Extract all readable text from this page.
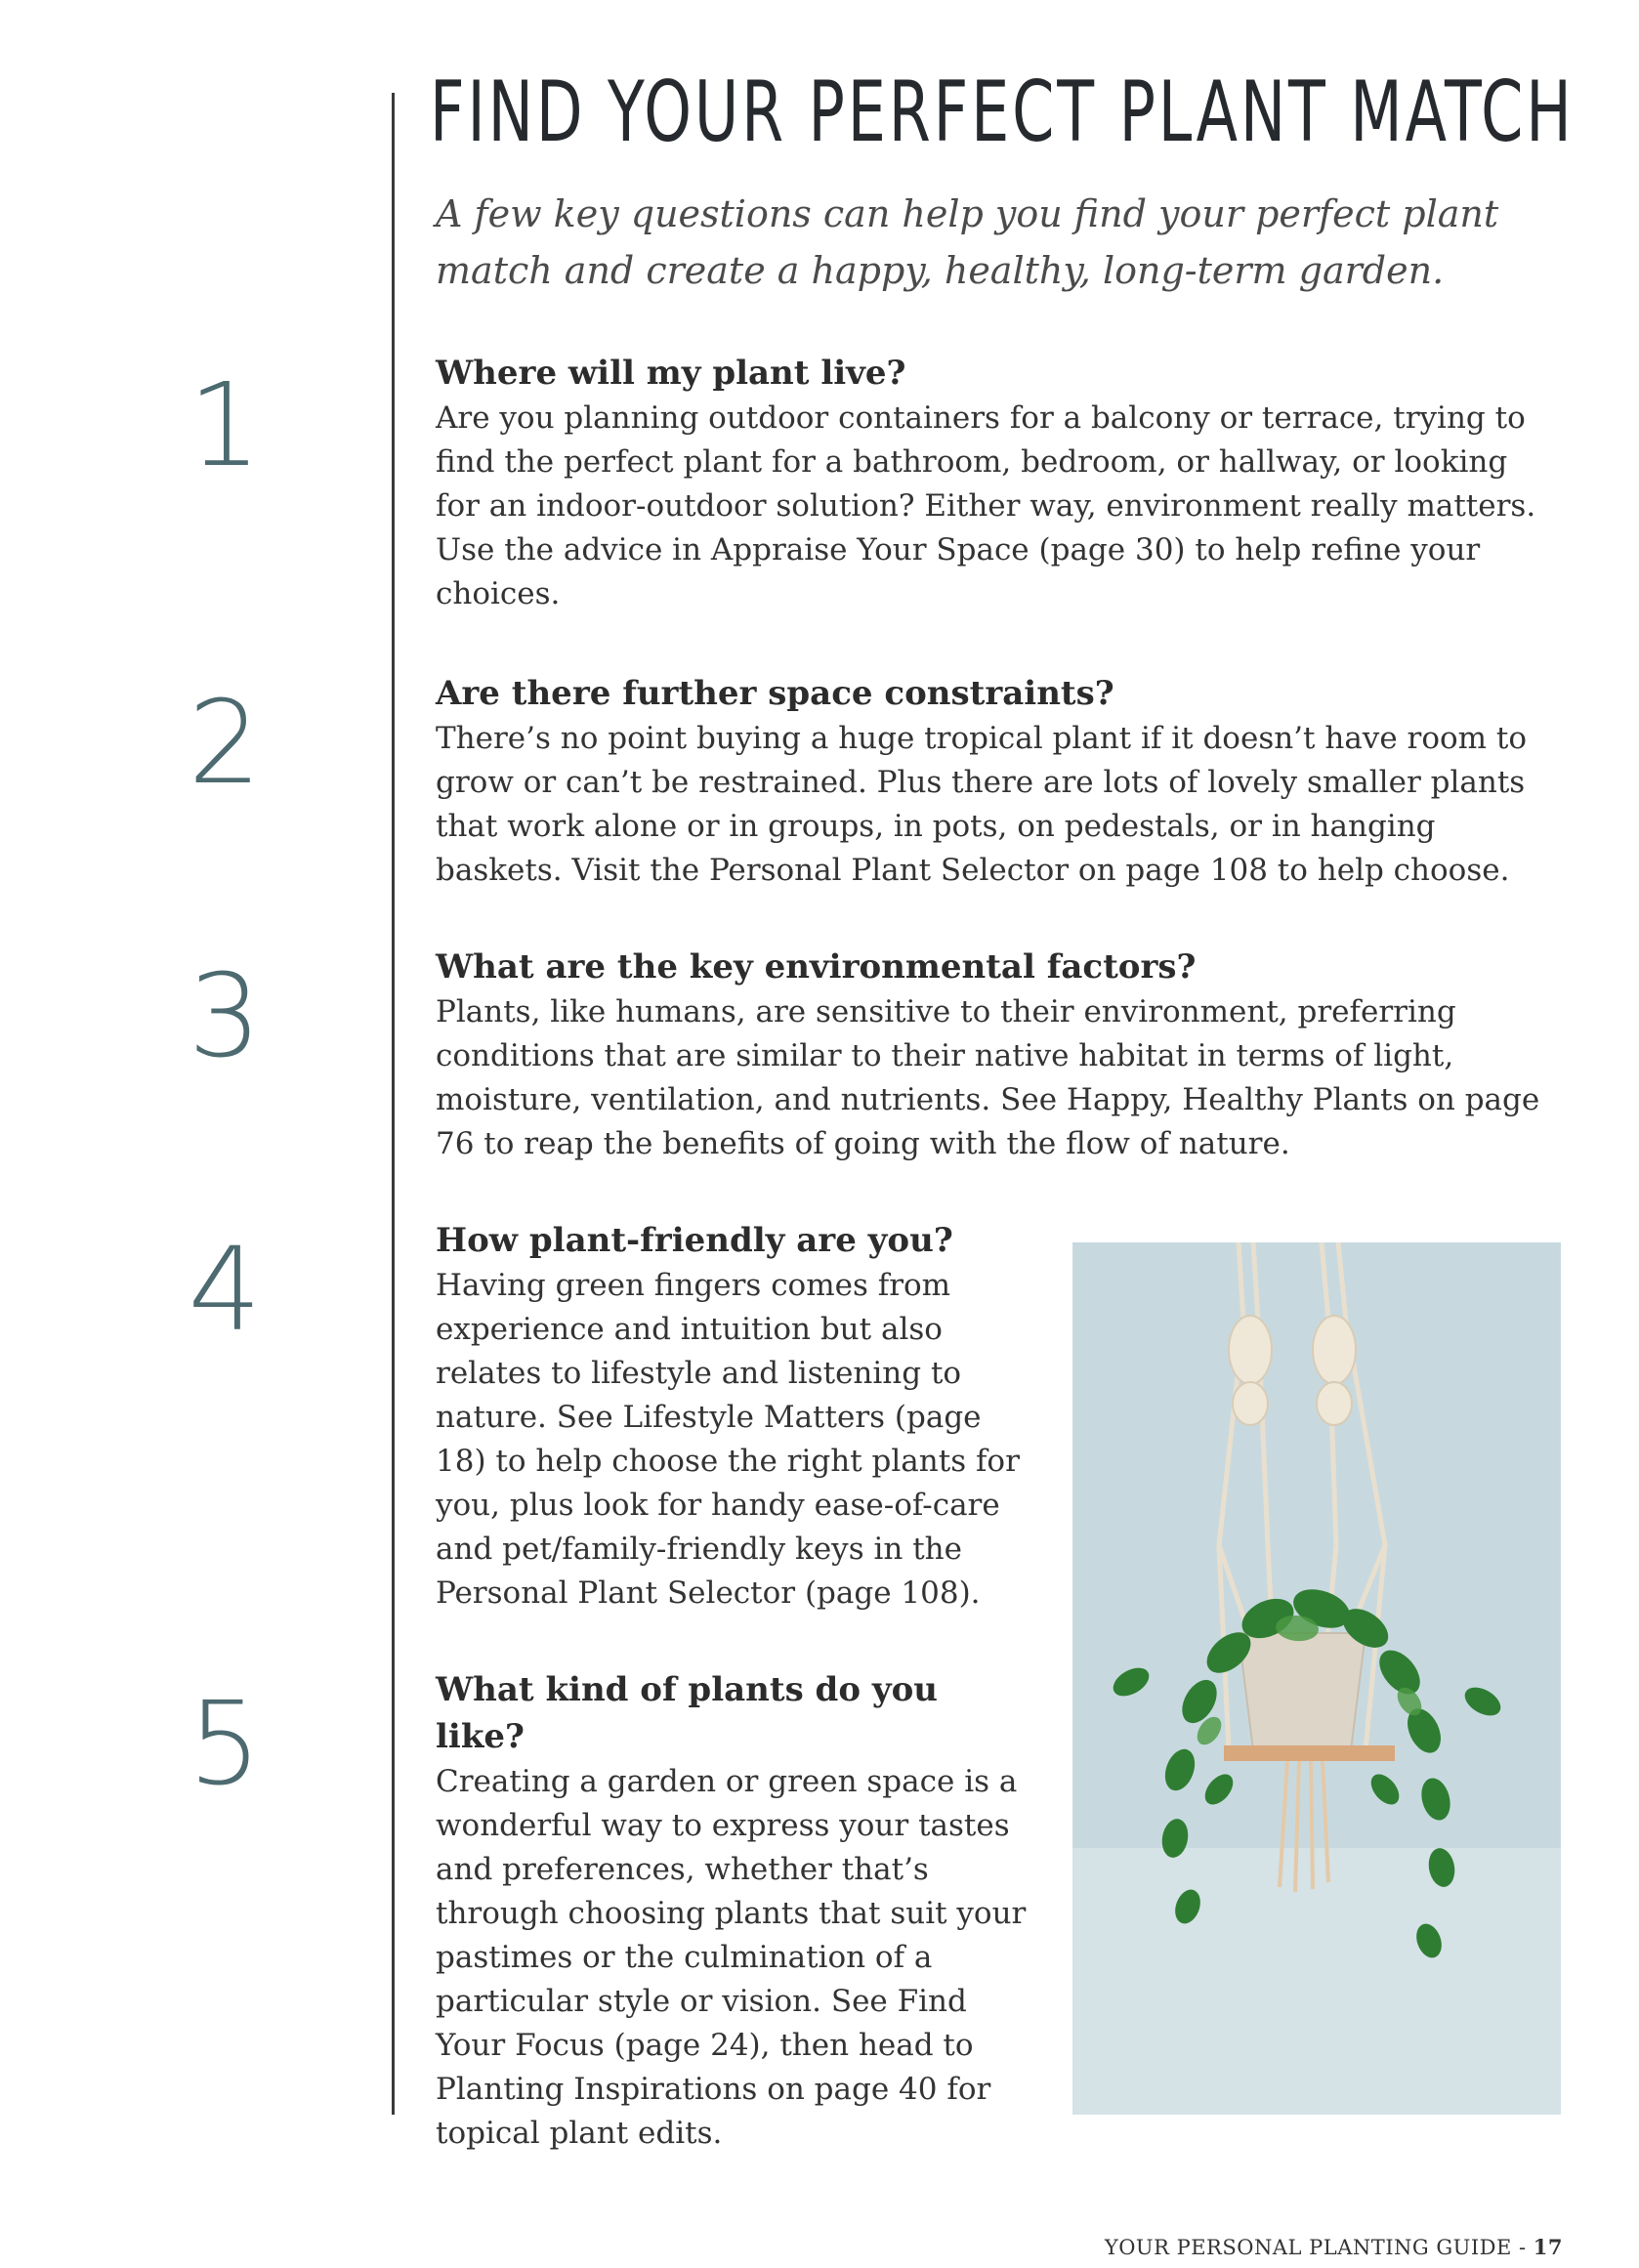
FIND YOUR PERFECT PLANT MATCH

A few key questions can help you find your perfect plant match and create a happy, healthy, long-term garden.

1
2
3
4
5
Where will my plant live?

Are you planning outdoor containers for a balcony or terrace, trying to find the perfect plant for a bathroom, bedroom, or hallway, or looking for an indoor-outdoor solution? Either way, environment really matters. Use the advice in Appraise Your Space (page 30) to help refine your choices.

Are there further space constraints?

There’s no point buying a huge tropical plant if it doesn’t have room to grow or can’t be restrained. Plus there are lots of lovely smaller plants that work alone or in groups, in pots, on pedestals, or in hanging baskets. Visit the Personal Plant Selector on page 108 to help choose.

What are the key environmental factors?

Plants, like humans, are sensitive to their environment, preferring conditions that are similar to their native habitat in terms of light, moisture, ventilation, and nutrients. See Happy, Healthy Plants on page 76 to reap the benefits of going with the flow of nature.

How plant-friendly are you?

Having green fingers comes from experience and intuition but also relates to lifestyle and listening to nature. See Lifestyle Matters (page 18) to help choose the right plants for you, plus look for handy ease-of-care and pet/family-friendly keys in the Personal Plant Selector (page 108).

What kind of plants do you like?

Creating a garden or green space is a wonderful way to express your tastes and preferences, whether that’s through choosing plants that suit your pastimes or the culmination of a particular style or vision. See Find Your Focus (page 24), then head to Planting Inspirations on page 40 for topical plant edits.

YOUR PERSONAL PLANTING GUIDE - 17
